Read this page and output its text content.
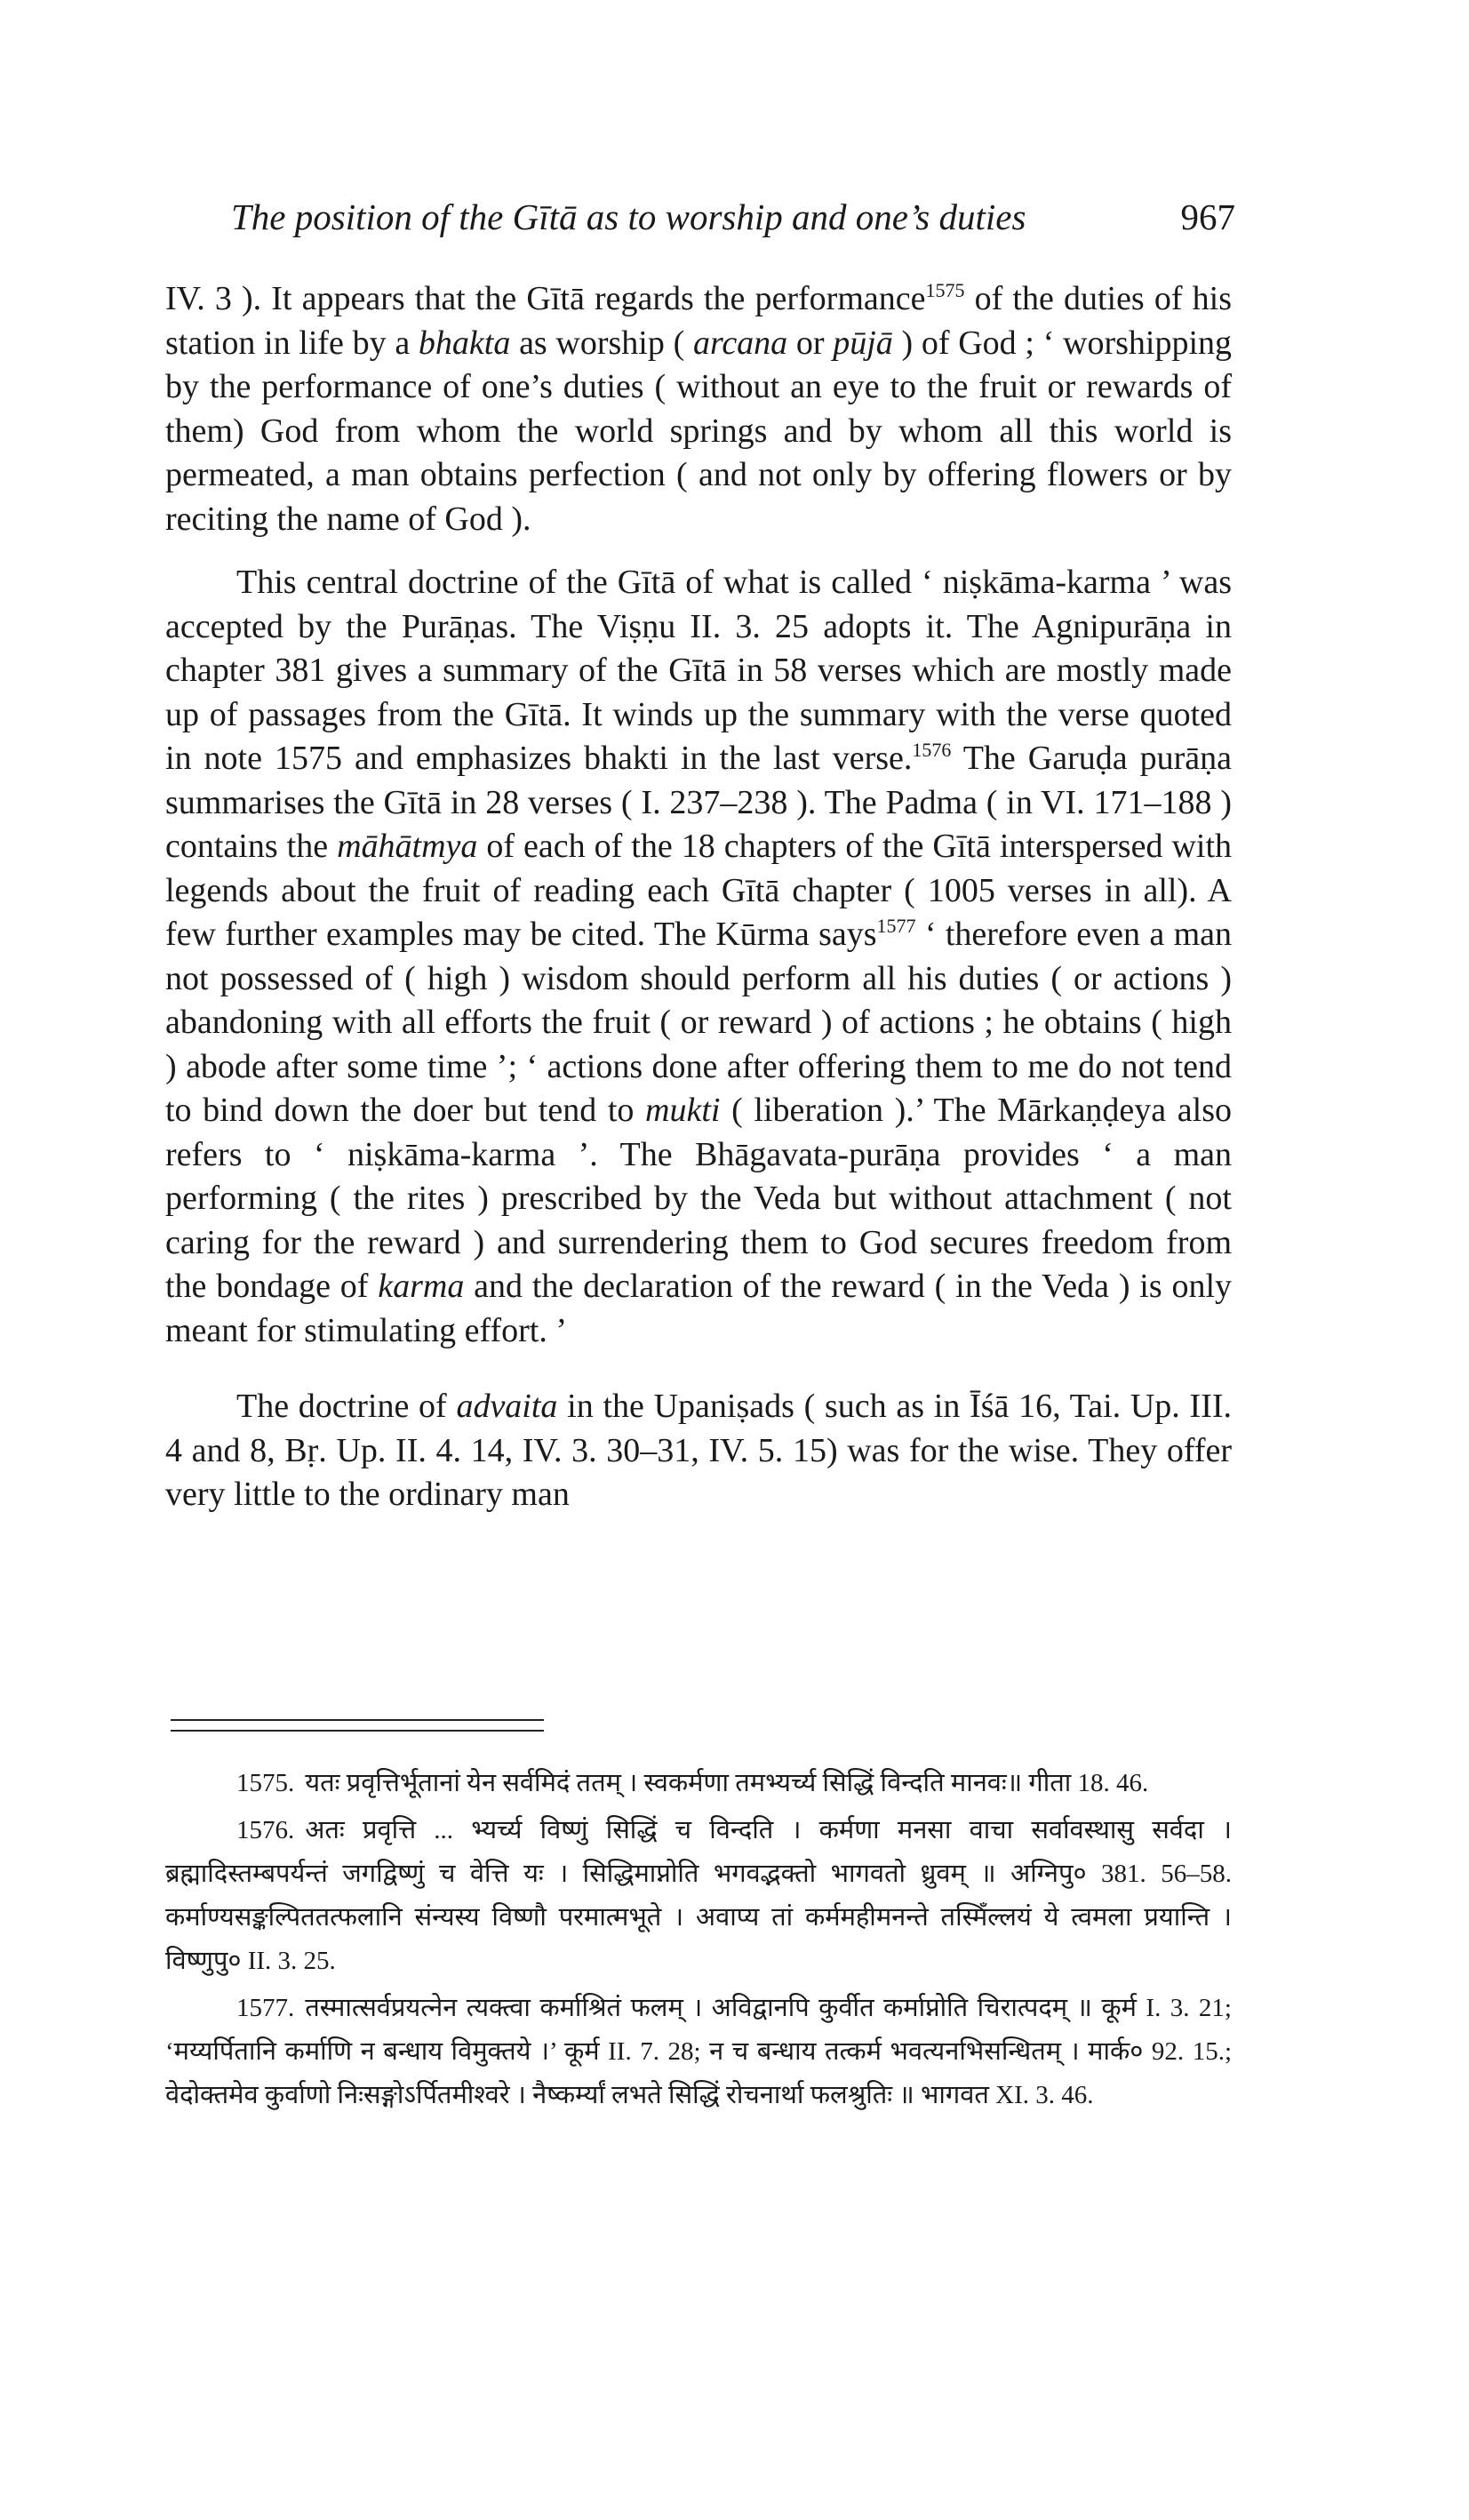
The position of the Gītā as to worship and one’s duties	967

IV. 3 ). It appears that the Gītā regards the performance$^{1575}$ of the duties of his station in life by a bhakta as worship ( arcana or pūjā ) of God ; ‘ worshipping by the performance of one’s duties ( without an eye to the fruit or rewards of them) God from whom the world springs and by whom all this world is permeated, a man obtains perfection ( and not only by offering flowers or by reciting the name of God ).

This central doctrine of the Gītā of what is called ‘ niṣkāma-karma ’ was accepted by the Purāṇas. The Viṣṇu II. 3. 25 adopts it. The Agnipurāṇa in chapter 381 gives a summary of the Gītā in 58 verses which are mostly made up of passages from the Gītā. It winds up the summary with the verse quoted in note 1575 and emphasizes bhakti in the last verse.$^{1576}$ The Garuḍa purāṇa summarises the Gītā in 28 verses ( I. 237–238 ). The Padma ( in VI. 171–188 ) contains the māhātmya of each of the 18 chapters of the Gītā interspersed with legends about the fruit of reading each Gītā chapter ( 1005 verses in all). A few further examples may be cited. The Kūrma says$^{1577}$ ‘ therefore even a man not possessed of ( high ) wisdom should perform all his duties ( or actions ) abandoning with all efforts the fruit ( or reward ) of actions ; he obtains ( high ) abode after some time ’; ‘ actions done after offering them to me do not tend to bind down the doer but tend to mukti ( liberation ).’ The Mārkaṇḍeya also refers to ‘ niṣkāma-karma ’. The Bhāgavata-purāṇa provides ‘ a man performing ( the rites ) prescribed by the Veda but without attachment ( not caring for the reward ) and surrendering them to God secures freedom from the bondage of karma and the declaration of the reward ( in the Veda ) is only meant for stimulating effort. ’

The doctrine of advaita in the Upaniṣads ( such as in Īśā 16, Tai. Up. III. 4 and 8, Bṛ. Up. II. 4. 14, IV. 3. 30–31, IV. 5. 15) was for the wise. They offer very little to the ordinary man

1575. यतः प्रवृत्तिर्भूतानां येन सर्वमिदं ततम् । स्वकर्मणा तमभ्यर्च्य सिद्धिं विन्दति मानवः॥ गीता 18. 46.

1576. अतः प्रवृत्ति ... भ्यर्च्य विष्णुं सिद्धिं च विन्दति । कर्मणा मनसा वाचा सर्वावस्थासु सर्वदा । ब्रह्मादिस्तम्बपर्यन्तं जगद्विष्णुं च वेत्ति यः । सिद्धिमाप्नोति भगवद्भक्तो भागवतो ध्रुवम् ॥ अग्निपु० 381. 56–58. कर्माण्यसङ्कल्पिततत्फलानि संन्यस्य विष्णौ परमात्मभूते । अवाप्य तां कर्ममहीमनन्ते तस्मिँल्लयं ये त्वमला प्रयान्ति । विष्णुपु० II. 3. 25.

1577. तस्मात्सर्वप्रयत्नेन त्यक्त्वा कर्माश्रितं फलम् । अविद्वानपि कुर्वीत कर्माप्नोति चिरात्पदम् ॥ कूर्म I. 3. 21; ‘मय्यर्पितानि कर्माणि न बन्धाय विमुक्तये ।’ कूर्म II. 7. 28; न च बन्धाय तत्कर्म भवत्यनभिसन्धितम् । मार्क० 92. 15.; वेदोक्तमेव कुर्वाणो निःसङ्गोऽर्पितमीश्वरे । नैष्कर्म्यां लभते सिद्धिं रोचनार्था फलश्रुतिः ॥ भागवत XI. 3. 46.
